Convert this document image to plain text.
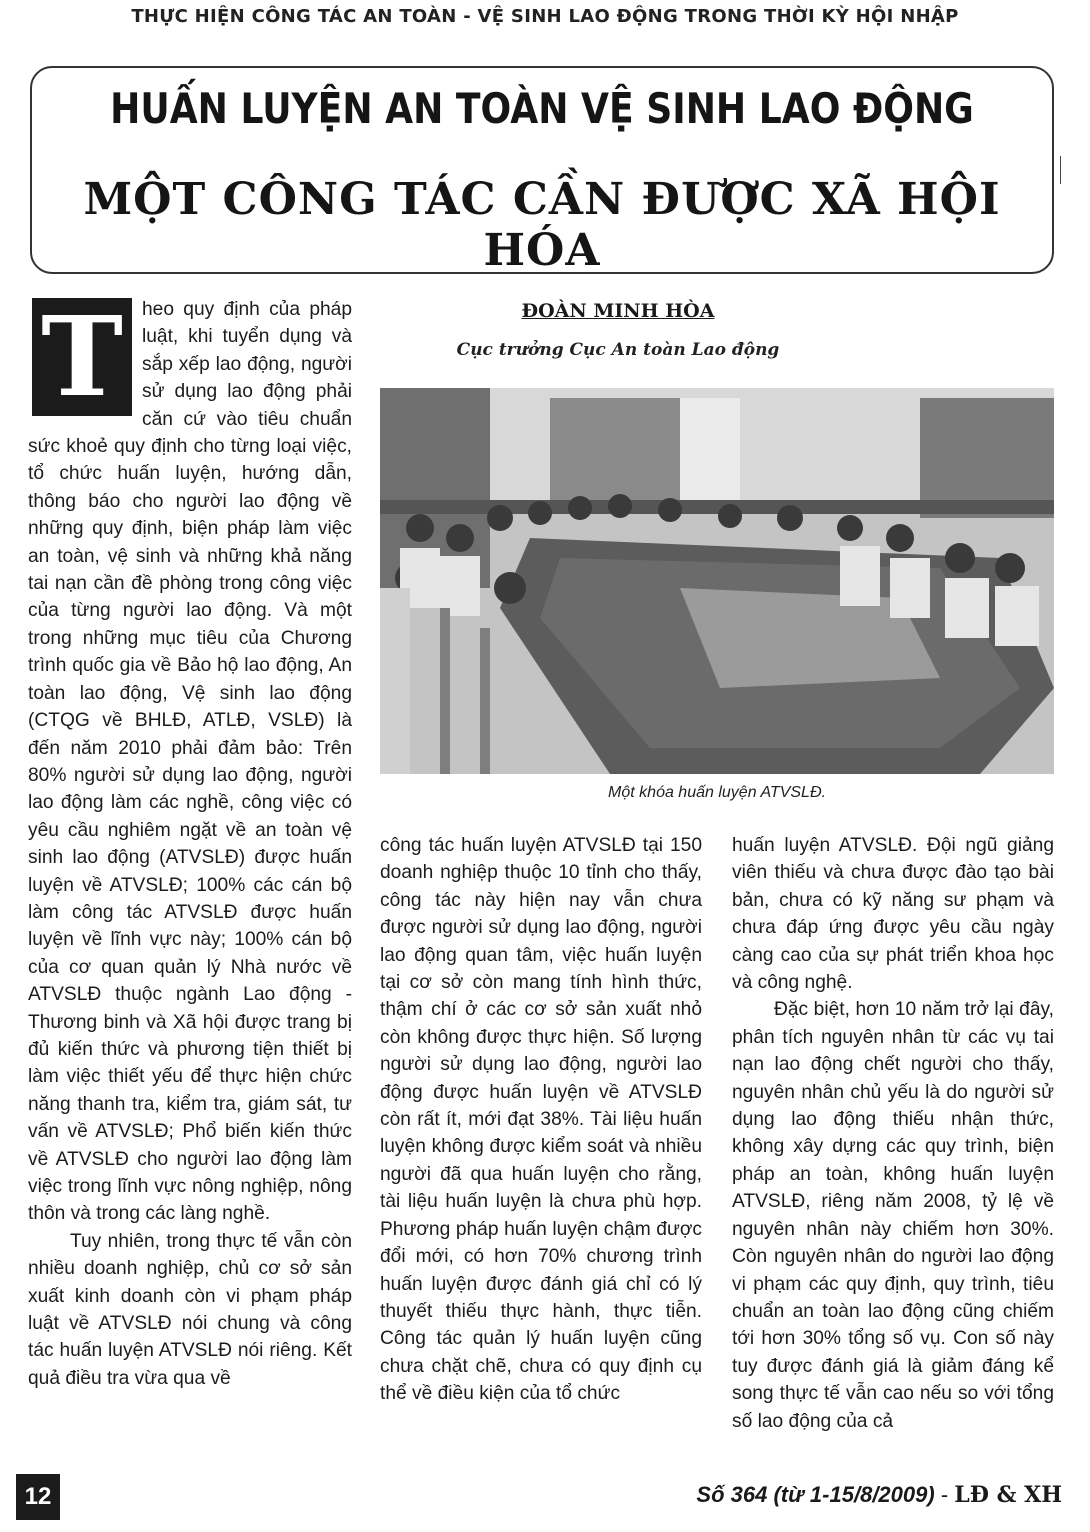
THỰC HIỆN CÔNG TÁC AN TOÀN - VỆ SINH LAO ĐỘNG TRONG THỜI KỲ HỘI NHẬP
HUẤN LUYỆN AN TOÀN VỆ SINH LAO ĐỘNG
MỘT CÔNG TÁC CẦN ĐƯỢC XÃ HỘI HÓA

T heo quy định của pháp luật, khi tuyển dụng và sắp xếp lao động, người sử dụng lao động phải căn cứ vào tiêu chuẩn sức khoẻ quy định cho từng loại việc, tổ chức huấn luyện, hướng dẫn, thông báo cho người lao động về những quy định, biện pháp làm việc an toàn, vệ sinh và những khả năng tai nạn cần đề phòng trong công việc của từng người lao động. Và một trong những mục tiêu của Chương trình quốc gia về Bảo hộ lao động, An toàn lao động, Vệ sinh lao động (CTQG về BHLĐ, ATLĐ, VSLĐ) là đến năm 2010 phải đảm bảo: Trên 80% người sử dụng lao động, người lao động làm các nghề, công việc có yêu cầu nghiêm ngặt về an toàn vệ sinh lao động (ATVSLĐ) được huấn luyện về ATVSLĐ; 100% các cán bộ làm công tác ATVSLĐ được huấn luyện về lĩnh vực này; 100% cán bộ của cơ quan quản lý Nhà nước về ATVSLĐ thuộc ngành Lao động - Thương binh và Xã hội được trang bị đủ kiến thức và phương tiện thiết bị làm việc thiết yếu để thực hiện chức năng thanh tra, kiểm tra, giám sát, tư vấn về ATVSLĐ; Phổ biến kiến thức về ATVSLĐ cho người lao động làm việc trong lĩnh vực nông nghiệp, nông thôn và trong các làng nghề.

Tuy nhiên, trong thực tế vẫn còn nhiều doanh nghiệp, chủ cơ sở sản xuất kinh doanh còn vi phạm pháp luật về ATVSLĐ nói chung và công tác huấn luyện ATVSLĐ nói riêng. Kết quả điều tra vừa qua về

ĐOÀN MINH HÒA
Cục trưởng Cục An toàn Lao động
Một khóa huấn luyện ATVSLĐ.

công tác huấn luyện ATVSLĐ tại 150 doanh nghiệp thuộc 10 tỉnh cho thấy, công tác này hiện nay vẫn chưa được người sử dụng lao động, người lao động quan tâm, việc huấn luyện tại cơ sở còn mang tính hình thức, thậm chí ở các cơ sở sản xuất nhỏ còn không được thực hiện. Số lượng người sử dụng lao động, người lao động được huấn luyện về ATVSLĐ còn rất ít, mới đạt 38%. Tài liệu huấn luyện không được kiểm soát và nhiều người đã qua huấn luyện cho rằng, tài liệu huấn luyện là chưa phù hợp. Phương pháp huấn luyện chậm được đổi mới, có hơn 70% chương trình huấn luyện được đánh giá chỉ có lý thuyết thiếu thực hành, thực tiễn. Công tác quản lý huấn luyện cũng chưa chặt chẽ, chưa có quy định cụ thể về điều kiện của tổ chức

huấn luyện ATVSLĐ. Đội ngũ giảng viên thiếu và chưa được đào tạo bài bản, chưa có kỹ năng sư phạm và chưa đáp ứng được yêu cầu ngày càng cao của sự phát triển khoa học và công nghệ.

Đặc biệt, hơn 10 năm trở lại đây, phân tích nguyên nhân từ các vụ tai nạn lao động chết người cho thấy, nguyên nhân chủ yếu là do người sử dụng lao động thiếu nhận thức, không xây dựng các quy trình, biện pháp an toàn, không huấn luyện ATVSLĐ, riêng năm 2008, tỷ lệ về nguyên nhân này chiếm hơn 30%. Còn nguyên nhân do người lao động vi phạm các quy định, quy trình, tiêu chuẩn an toàn lao động cũng chiếm tới hơn 30% tổng số vụ. Con số này tuy được đánh giá là giảm đáng kể song thực tế vẫn cao nếu so với tổng số lao động của cả

12	Số 364 (từ 1-15/8/2009) - LĐ & XH
